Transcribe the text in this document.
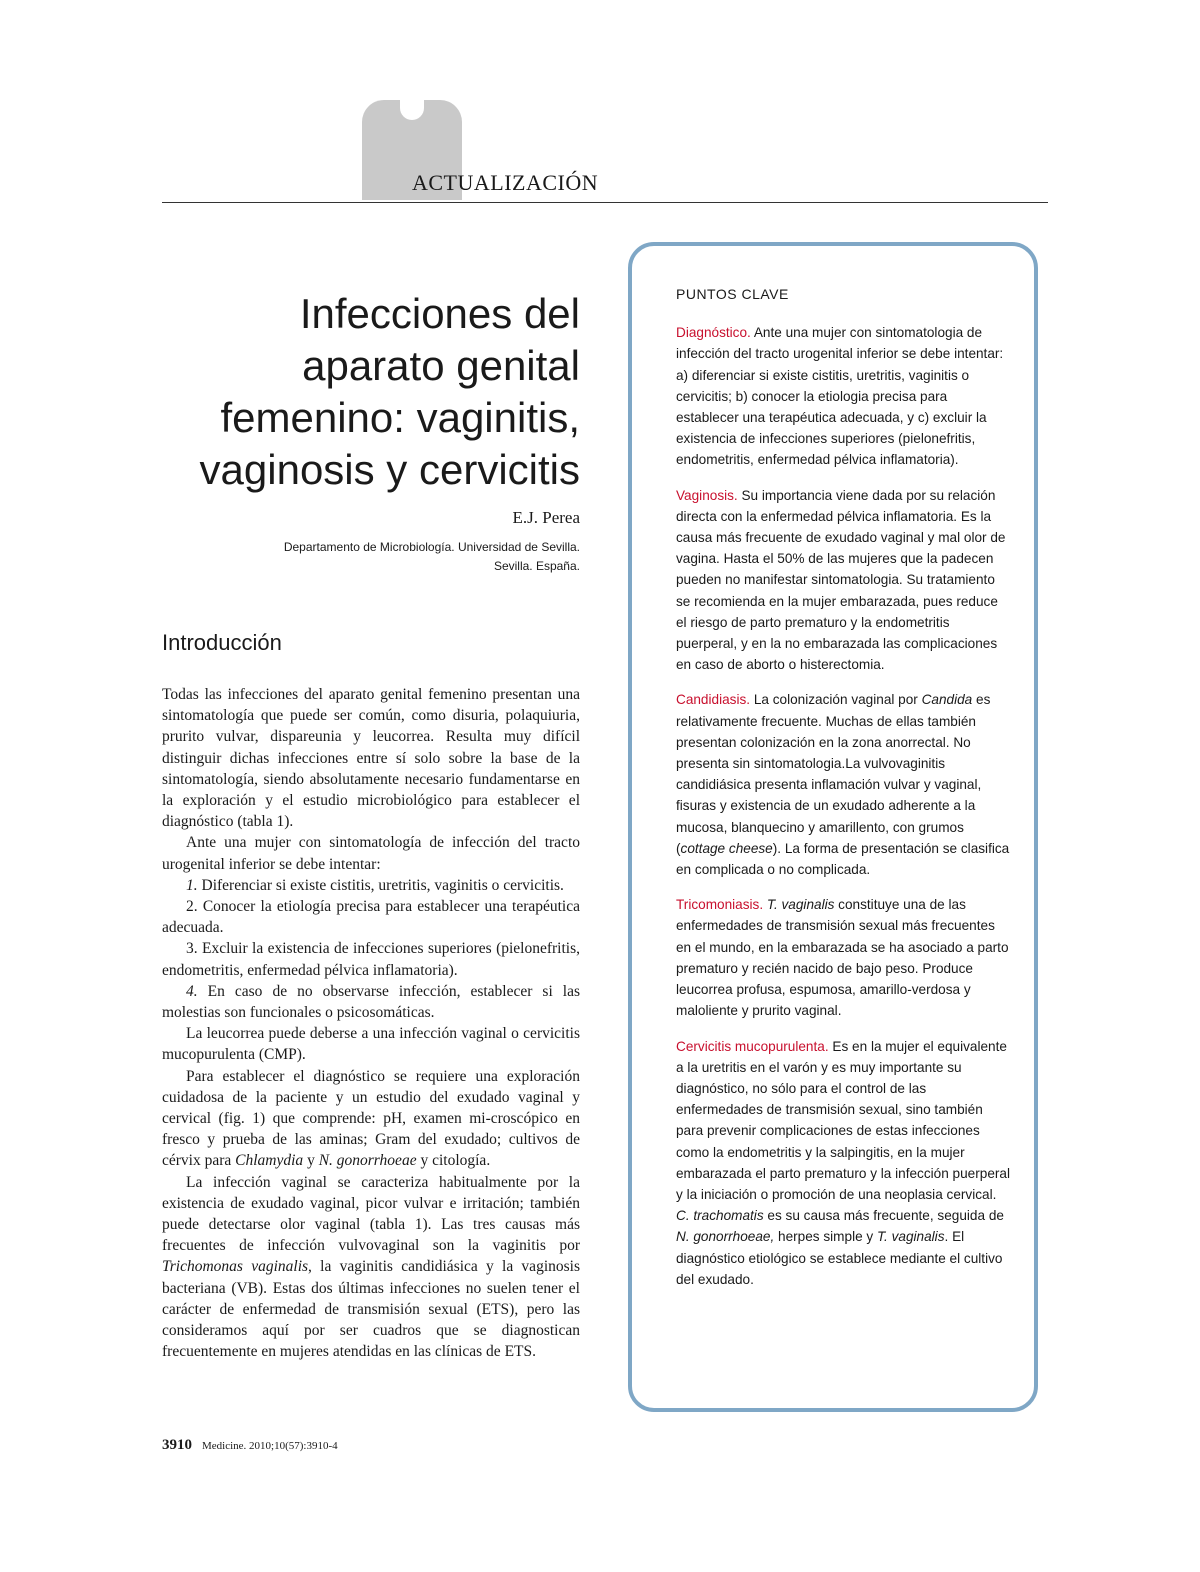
ACTUALIZACIÓN
Infecciones del
aparato genital
femenino: vaginitis,
vaginosis y cervicitis
E.J. Perea
Departamento de Microbiología. Universidad de Sevilla.
Sevilla. España.
Introducción

Todas las infecciones del aparato genital femenino presentan una sintomatología que puede ser común, como disuria, polaquiuria, prurito vulvar, dispareunia y leucorrea. Resulta muy difícil distinguir dichas infecciones entre sí solo sobre la base de la sintomatología, siendo absolutamente necesario fundamentarse en la exploración y el estudio microbiológico para establecer el diagnóstico (tabla 1).

Ante una mujer con sintomatología de infección del tracto urogenital inferior se debe intentar:

1. Diferenciar si existe cistitis, uretritis, vaginitis o cervicitis.

2. Conocer la etiología precisa para establecer una terapéutica adecuada.

3. Excluir la existencia de infecciones superiores (pielonefritis, endometritis, enfermedad pélvica inflamatoria).

4. En caso de no observarse infección, establecer si las molestias son funcionales o psicosomáticas.

La leucorrea puede deberse a una infección vaginal o cervicitis mucopurulenta (CMP).

Para establecer el diagnóstico se requiere una exploración cuidadosa de la paciente y un estudio del exudado vaginal y cervical (fig. 1) que comprende: pH, examen mi-croscópico en fresco y prueba de las aminas; Gram del exudado; cultivos de cérvix para Chlamydia y N. gonorrhoeae y citología.

La infección vaginal se caracteriza habitualmente por la existencia de exudado vaginal, picor vulvar e irritación; también puede detectarse olor vaginal (tabla 1). Las tres causas más frecuentes de infección vulvovaginal son la vaginitis por Trichomonas vaginalis, la vaginitis candidiásica y la vaginosis bacteriana (VB). Estas dos últimas infecciones no suelen tener el carácter de enfermedad de transmisión sexual (ETS), pero las consideramos aquí por ser cuadros que se diagnostican frecuentemente en mujeres atendidas en las clínicas de ETS.

3910 Medicine. 2010;10(57):3910-4

PUNTOS CLAVE

Diagnóstico. Ante una mujer con sintomatologia de infección del tracto urogenital inferior se debe intentar: a) diferenciar si existe cistitis, uretritis, vaginitis o cervicitis; b) conocer la etiologia precisa para establecer una terapéutica adecuada, y c) excluir la existencia de infecciones superiores (pielonefritis, endometritis, enfermedad pélvica inflamatoria).

Vaginosis. Su importancia viene dada por su relación directa con la enfermedad pélvica inflamatoria. Es la causa más frecuente de exudado vaginal y mal olor de vagina. Hasta el 50% de las mujeres que la padecen pueden no manifestar sintomatologia. Su tratamiento se recomienda en la mujer embarazada, pues reduce el riesgo de parto prematuro y la endometritis puerperal, y en la no embarazada las complicaciones en caso de aborto o histerectomia.

Candidiasis. La colonización vaginal por Candida es relativamente frecuente. Muchas de ellas también presentan colonización en la zona anorrectal. No presenta sin sintomatologia.La vulvovaginitis candidiásica presenta inflamación vulvar y vaginal, fisuras y existencia de un exudado adherente a la mucosa, blanquecino y amarillento, con grumos (cottage cheese). La forma de presentación se clasifica en complicada o no complicada.

Tricomoniasis. T. vaginalis constituye una de las enfermedades de transmisión sexual más frecuentes en el mundo, en la embarazada se ha asociado a parto prematuro y recién nacido de bajo peso. Produce leucorrea profusa, espumosa, amarillo-verdosa y maloliente y prurito vaginal.

Cervicitis mucopurulenta. Es en la mujer el equivalente a la uretritis en el varón y es muy importante su diagnóstico, no sólo para el control de las enfermedades de transmisión sexual, sino también para prevenir complicaciones de estas infecciones como la endometritis y la salpingitis, en la mujer embarazada el parto prematuro y la infección puerperal y la iniciación o promoción de una neoplasia cervical. C. trachomatis es su causa más frecuente, seguida de N. gonorrhoeae, herpes simple y T. vaginalis. El diagnóstico etiológico se establece mediante el cultivo del exudado.
